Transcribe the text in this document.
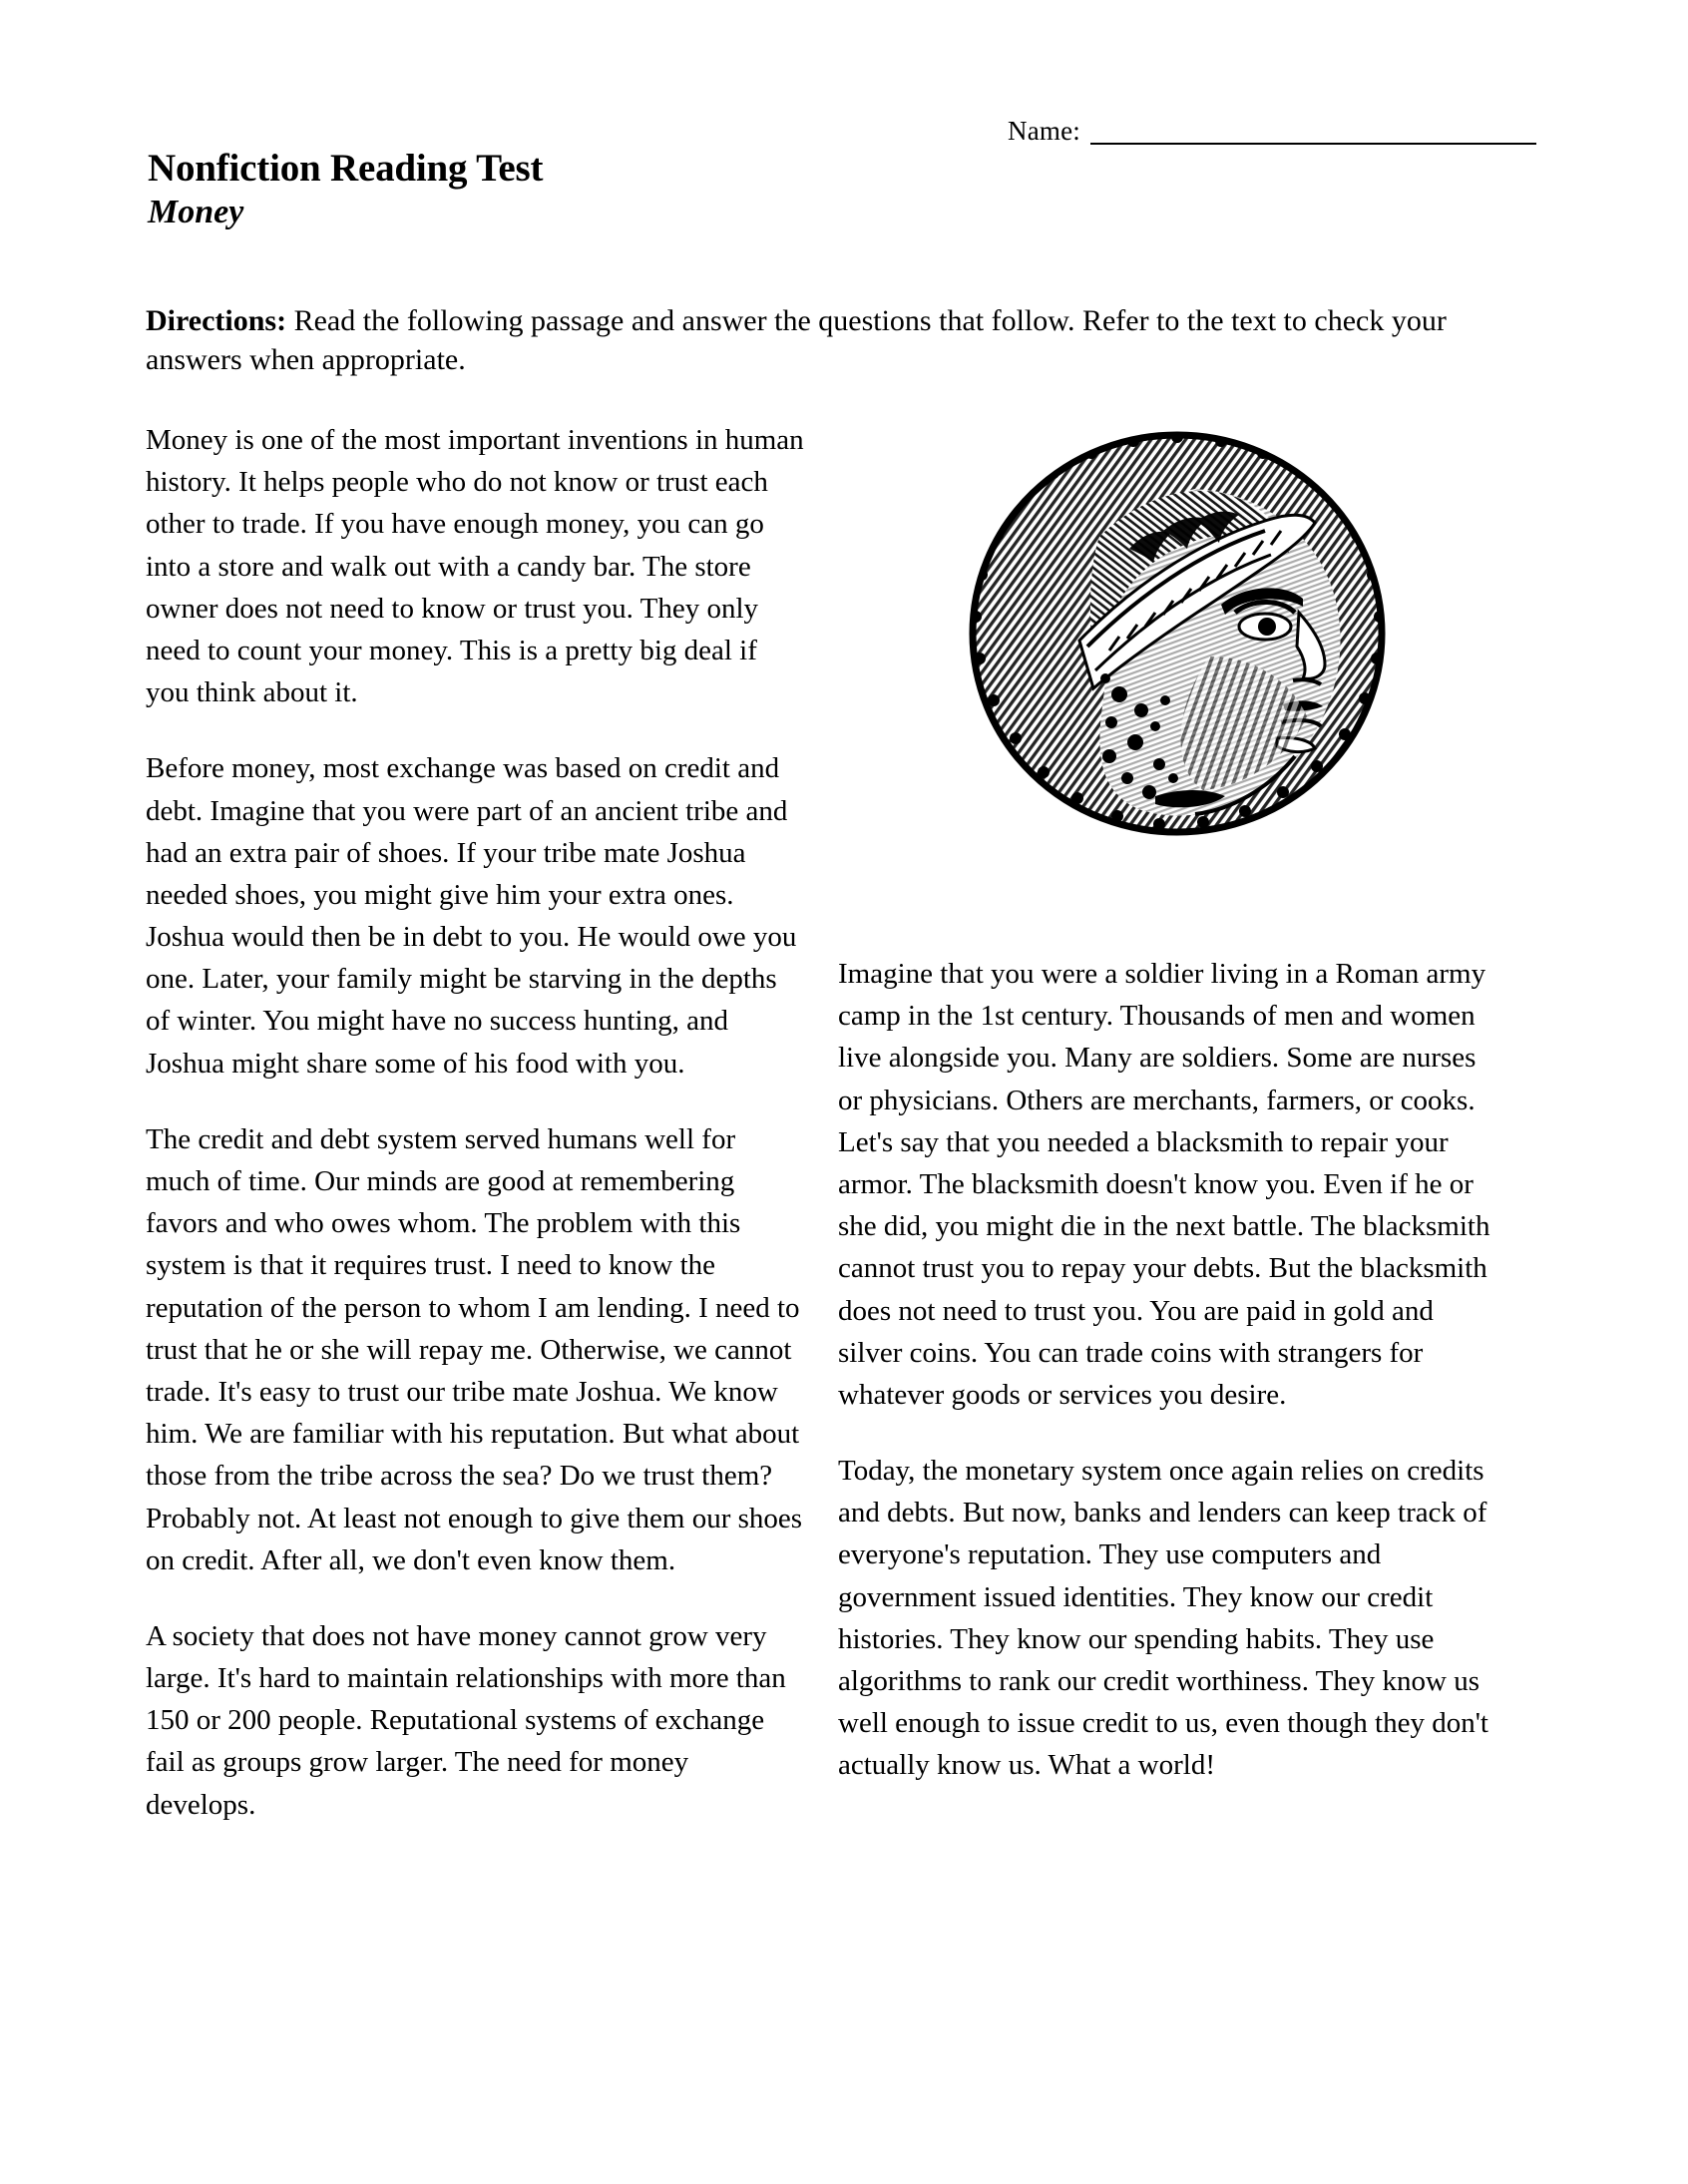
Name:
Nonfiction Reading Test
Money

Directions: Read the following passage and answer the questions that follow. Refer to the text to check your answers when appropriate.

Money is one of the most important inventions in human history. It helps people who do not know or trust each other to trade. If you have enough money, you can go into a store and walk out with a candy bar. The store owner does not need to know or trust you. They only need to count your money. This is a pretty big deal if you think about it.

Before money, most exchange was based on credit and debt. Imagine that you were part of an ancient tribe and had an extra pair of shoes. If your tribe mate Joshua needed shoes, you might give him your extra ones. Joshua would then be in debt to you. He would owe you one. Later, your family might be starving in the depths of winter. You might have no success hunting, and Joshua might share some of his food with you.

The credit and debt system served humans well for much of time. Our minds are good at remembering favors and who owes whom. The problem with this system is that it requires trust. I need to know the reputation of the person to whom I am lending. I need to trust that he or she will repay me. Otherwise, we cannot trade. It's easy to trust our tribe mate Joshua. We know him. We are familiar with his reputation. But what about those from the tribe across the sea? Do we trust them? Probably not. At least not enough to give them our shoes on credit. After all, we don't even know them.

A society that does not have money cannot grow very large. It's hard to maintain relationships with more than 150 or 200 people. Reputational systems of exchange fail as groups grow larger. The need for money develops.

Imagine that you were a soldier living in a Roman army camp in the 1st century. Thousands of men and women live alongside you. Many are soldiers. Some are nurses or physicians. Others are merchants, farmers, or cooks. Let's say that you needed a blacksmith to repair your armor. The blacksmith doesn't know you. Even if he or she did, you might die in the next battle. The blacksmith cannot trust you to repay your debts. But the blacksmith does not need to trust you. You are paid in gold and silver coins. You can trade coins with strangers for whatever goods or services you desire.

Today, the monetary system once again relies on credits and debts. But now, banks and lenders can keep track of everyone's reputation. They use computers and government issued identities. They know our credit histories. They know our spending habits. They use algorithms to rank our credit worthiness. They know us well enough to issue credit to us, even though they don't actually know us. What a world!
